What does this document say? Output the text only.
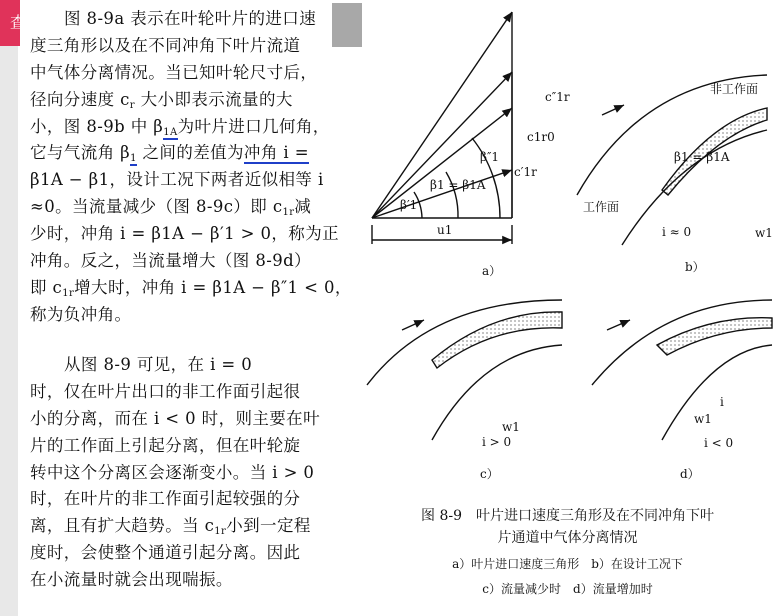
查	图 8-9a 表示在叶轮叶片的进口速
度三角形以及在不同冲角下叶片流道
中气体分离情况。当已知叶轮尺寸后，
径向分速度 $c_r$ 大小即表示流量的大
小，图 8-9b 中 $\beta_{1A}$为叶片进口几何角，
它与气流角 $\beta_1$ 之间的差值为冲角 i =
β1A − β1，设计工况下两者近似相等 i
≈0。当流量减少（图 8-9c）即 $c_{1r}$减
少时，冲角 i = β1A − β′1 > 0，称为正
冲角。反之，当流量增大（图 8-9d）
即 $c_{1r}$增大时，冲角 i = β1A − β″1 < 0，
称为负冲角。
从图 8-9 可见，在 i = 0
时，仅在叶片出口的非工作面引起很
小的分离，而在 i < 0 时，则主要在叶
片的工作面上引起分离，但在叶轮旋
转中这个分离区会逐渐变小。当 i > 0
时，在叶片的非工作面引起较强的分
离，且有扩大趋势。当 $c_{1r}$小到一定程
度时，会使整个通道引起分离。因此
在小流量时就会出现喘振。
c″1r
c1r0
c′1r
β″1
β1 = β1A
β′1
u1
非工作面
工作面
β1 = β1A
w1
i ≈ 0
w1
i > 0
i
w1
i < 0
a）	b）
c）	d）
图 8-9　叶片进口速度三角形及在不同冲角下叶
片通道中气体分离情况
a）叶片进口速度三角形　b）在设计工况下
c）流量减少时　d）流量增加时
